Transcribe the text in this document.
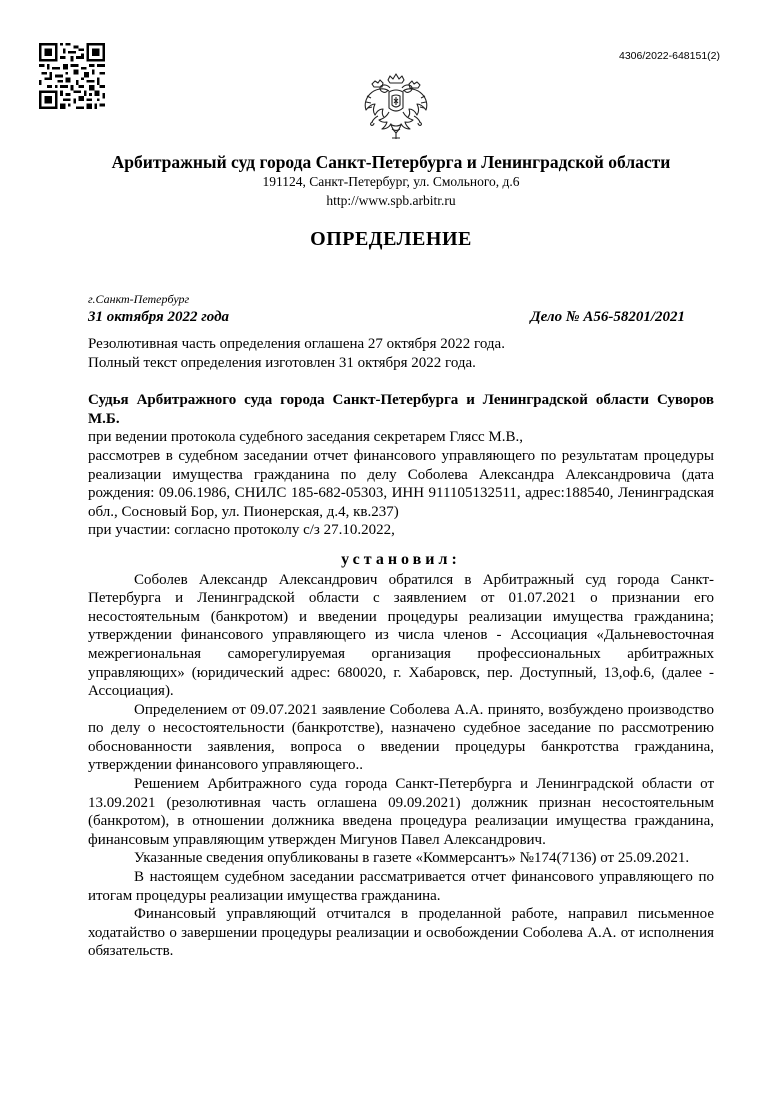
4306/2022-648151(2)
Арбитражный суд города Санкт-Петербурга и Ленинградской области
191124, Санкт-Петербург, ул. Смольного, д.6
http://www.spb.arbitr.ru
ОПРЕДЕЛЕНИЕ
г.Санкт-Петербург
31 октября 2022 года	Дело № А56-58201/2021

Резолютивная часть определения оглашена 27 октября 2022 года.

Полный текст определения изготовлен 31 октября 2022 года.

Судья Арбитражного суда города Санкт-Петербурга и Ленинградской области Суворов М.Б.

при ведении протокола судебного заседания секретарем Глясс М.В.,

рассмотрев в судебном заседании отчет финансового управляющего по результатам процедуры реализации имущества гражданина по делу Соболева Александра Александровича (дата рождения: 09.06.1986, СНИЛС 185-682-05303, ИНН 911105132511, адрес:188540, Ленинградская обл., Сосновый Бор, ул. Пионерская, д.4, кв.237)

при участии: согласно протоколу с/з 27.10.2022,

установил:

Соболев Александр Александрович обратился в Арбитражный суд города Санкт-Петербурга и Ленинградской области с заявлением от 01.07.2021 о признании его несостоятельным (банкротом) и введении процедуры реализации имущества гражданина; утверждении финансового управляющего из числа членов - Ассоциация «Дальневосточная межрегиональная саморегулируемая организация профессиональных арбитражных управляющих» (юридический адрес: 680020, г. Хабаровск, пер. Доступный, 13,оф.6, (далее - Ассоциация).

Определением от 09.07.2021 заявление Соболева А.А. принято, возбуждено производство по делу о несостоятельности (банкротстве), назначено судебное заседание по рассмотрению обоснованности заявления, вопроса о введении процедуры банкротства гражданина, утверждении финансового управляющего..

Решением Арбитражного суда города Санкт-Петербурга и Ленинградской области от 13.09.2021 (резолютивная часть оглашена 09.09.2021) должник признан несостоятельным (банкротом), в отношении должника введена процедура реализации имущества гражданина, финансовым управляющим утвержден Мигунов Павел Александрович.

Указанные сведения опубликованы в газете «Коммерсантъ» №174(7136) от 25.09.2021.

В настоящем судебном заседании рассматривается отчет финансового управляющего по итогам процедуры реализации имущества гражданина.

Финансовый управляющий отчитался в проделанной работе, направил письменное ходатайство о завершении процедуры реализации и освобождении Соболева А.А. от исполнения обязательств.
